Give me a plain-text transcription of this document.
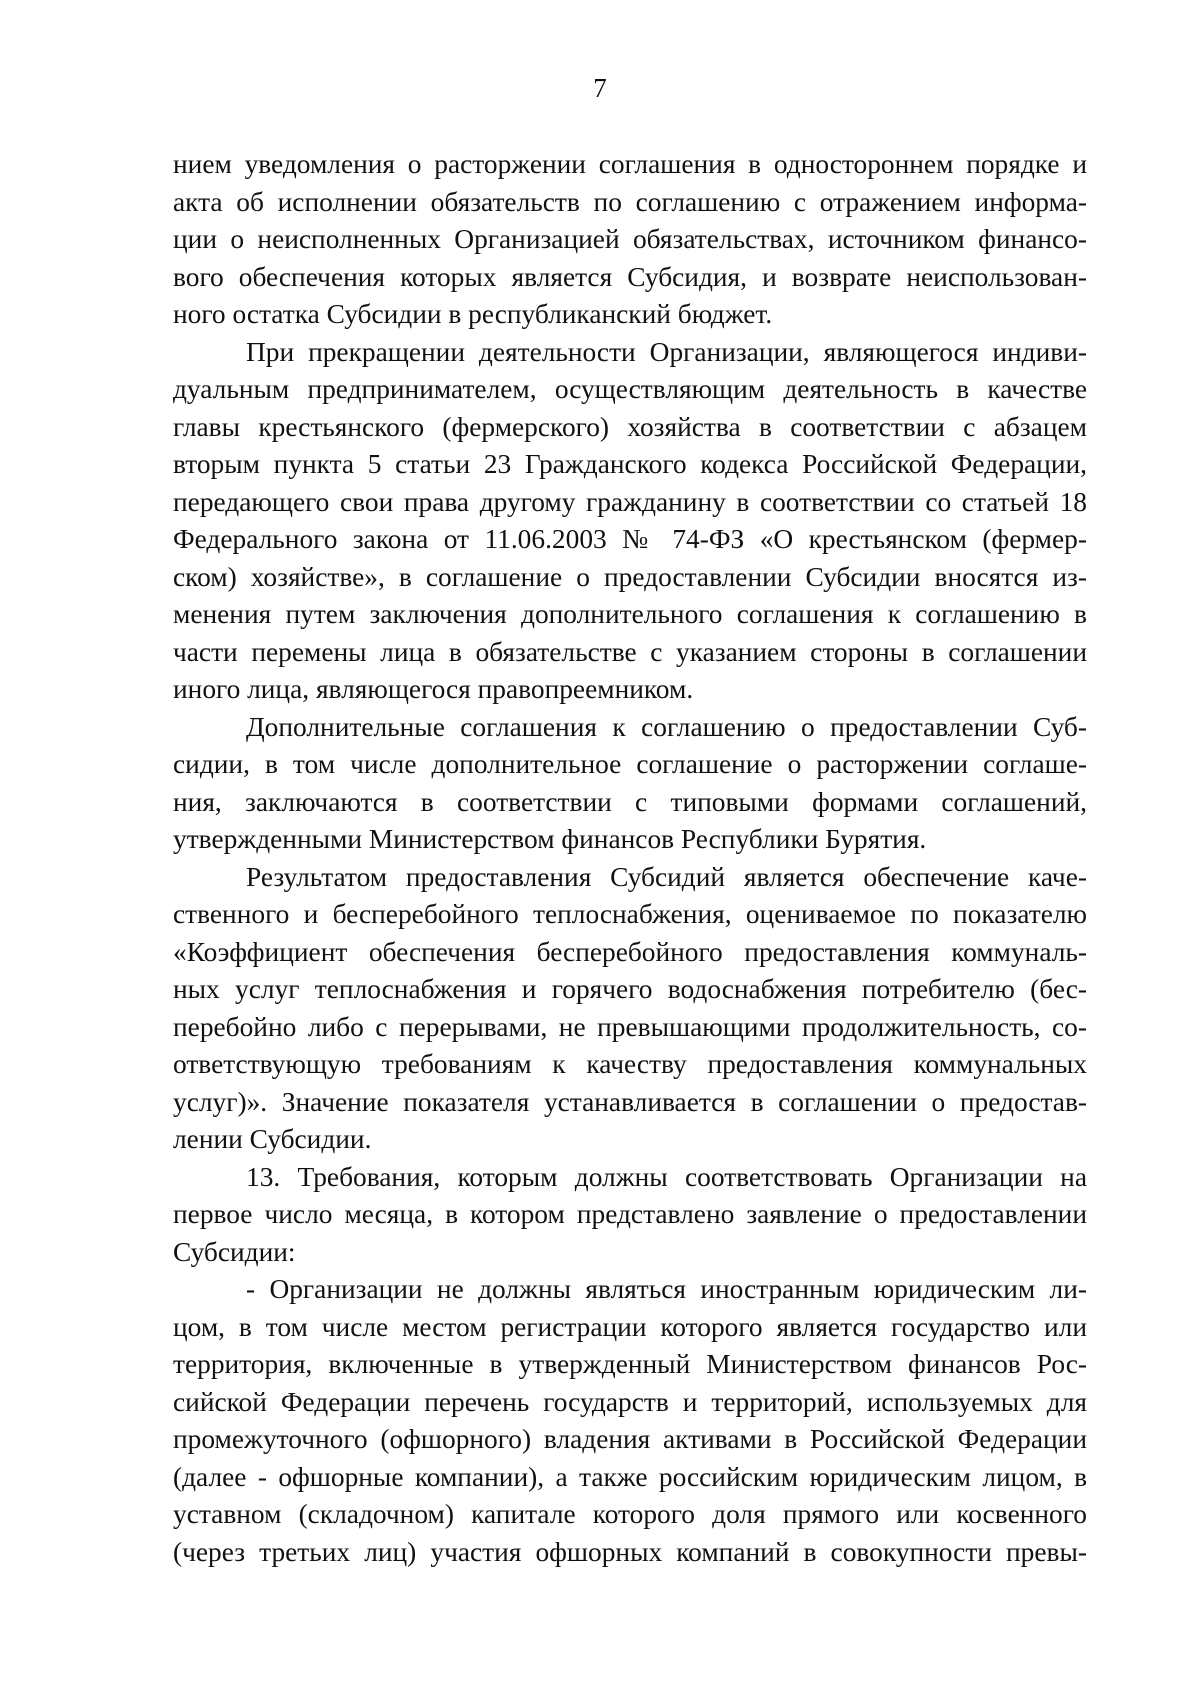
7
нием уведомления о расторжении соглашения в одностороннем порядке и
акта об исполнении обязательств по соглашению с отражением информа-
ции о неисполненных Организацией обязательствах, источником финансо-
вого обеспечения которых является Субсидия, и возврате неиспользован-
ного остатка Субсидии в республиканский бюджет.
При прекращении деятельности Организации, являющегося индиви-
дуальным предпринимателем, осуществляющим деятельность в качестве
главы крестьянского (фермерского) хозяйства в соответствии с абзацем
вторым пункта 5 статьи 23 Гражданского кодекса Российской Федерации,
передающего свои права другому гражданину в соответствии со статьей 18
Федерального закона от 11.06.2003 № 74-ФЗ «О крестьянском (фермер-
ском) хозяйстве», в соглашение о предоставлении Субсидии вносятся из-
менения путем заключения дополнительного соглашения к соглашению в
части перемены лица в обязательстве с указанием стороны в соглашении
иного лица, являющегося правопреемником.
Дополнительные соглашения к соглашению о предоставлении Суб-
сидии, в том числе дополнительное соглашение о расторжении соглаше-
ния, заключаются в соответствии с типовыми формами соглашений,
утвержденными Министерством финансов Республики Бурятия.
Результатом предоставления Субсидий является обеспечение каче-
ственного и бесперебойного теплоснабжения, оцениваемое по показателю
«Коэффициент обеспечения бесперебойного предоставления коммуналь-
ных услуг теплоснабжения и горячего водоснабжения потребителю (бес-
перебойно либо с перерывами, не превышающими продолжительность, со-
ответствующую требованиям к качеству предоставления коммунальных
услуг)». Значение показателя устанавливается в соглашении о предостав-
лении Субсидии.
13. Требования, которым должны соответствовать Организации на
первое число месяца, в котором представлено заявление о предоставлении
Субсидии:
- Организации не должны являться иностранным юридическим ли-
цом, в том числе местом регистрации которого является государство или
территория, включенные в утвержденный Министерством финансов Рос-
сийской Федерации перечень государств и территорий, используемых для
промежуточного (офшорного) владения активами в Российской Федерации
(далее - офшорные компании), а также российским юридическим лицом, в
уставном (складочном) капитале которого доля прямого или косвенного
(через третьих лиц) участия офшорных компаний в совокупности превы-
